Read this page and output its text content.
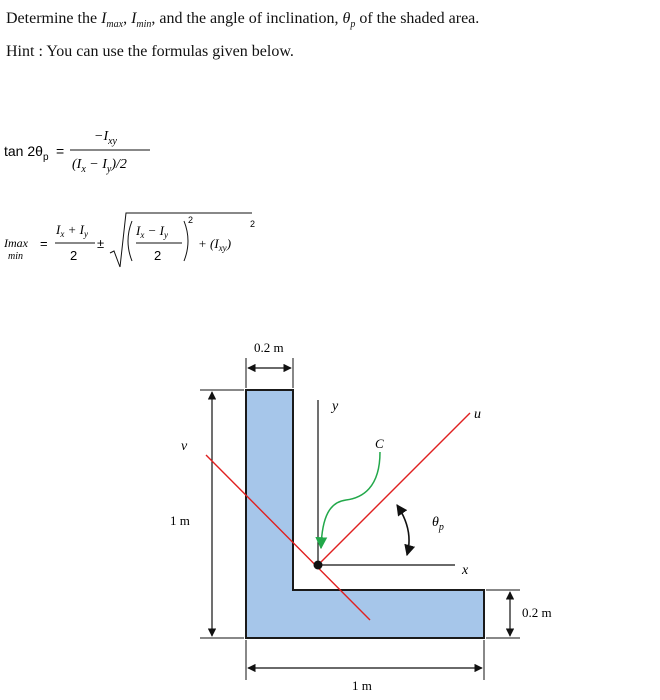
Determine the $I_{max}$, $I_{min}$, and the angle of inclination, $\theta_p$ of the shaded area.
Hint : You can use the formulas given below.
$\tan 2\theta_p$ =
$-I_{xy}$
$(I_x - I_y)/2$
Imax
min
=
$I_x + I_y$
2
±
$I_x - I_y$
2
2
+ $(I_{xy})$
2
0.2 m
1 m
1 m
0.2 m
y
x
u
v	C
$\theta_p$
